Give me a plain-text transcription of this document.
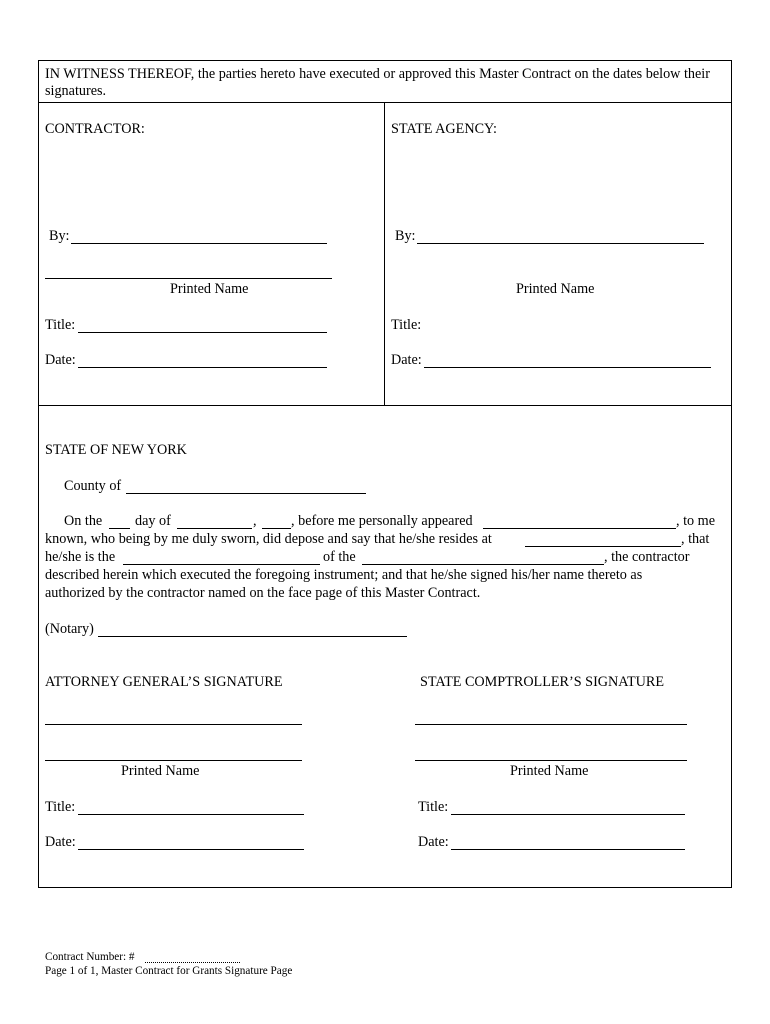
IN WITNESS THEREOF, the parties hereto have executed or approved this Master Contract on the dates below their signatures.
CONTRACTOR:
By:
Printed Name
Title:
Date:
STATE AGENCY:
By:
Printed Name
Title:
Date:
STATE OF NEW YORK
County of
On the day of	, , before me personally appeared	, to me
known, who being by me duly sworn, did depose and say that he/she resides at	, that
he/she is the	of the	, the contractor
described herein which executed the foregoing instrument; and that he/she signed his/her name thereto as
authorized by the contractor named on the face page of this Master Contract.
(Notary)
ATTORNEY GENERAL’S SIGNATURE
Printed Name
Title:
Date:
STATE COMPTROLLER’S SIGNATURE
Printed Name
Title:
Date:
Contract Number: #
Page 1 of 1, Master Contract for Grants Signature Page
